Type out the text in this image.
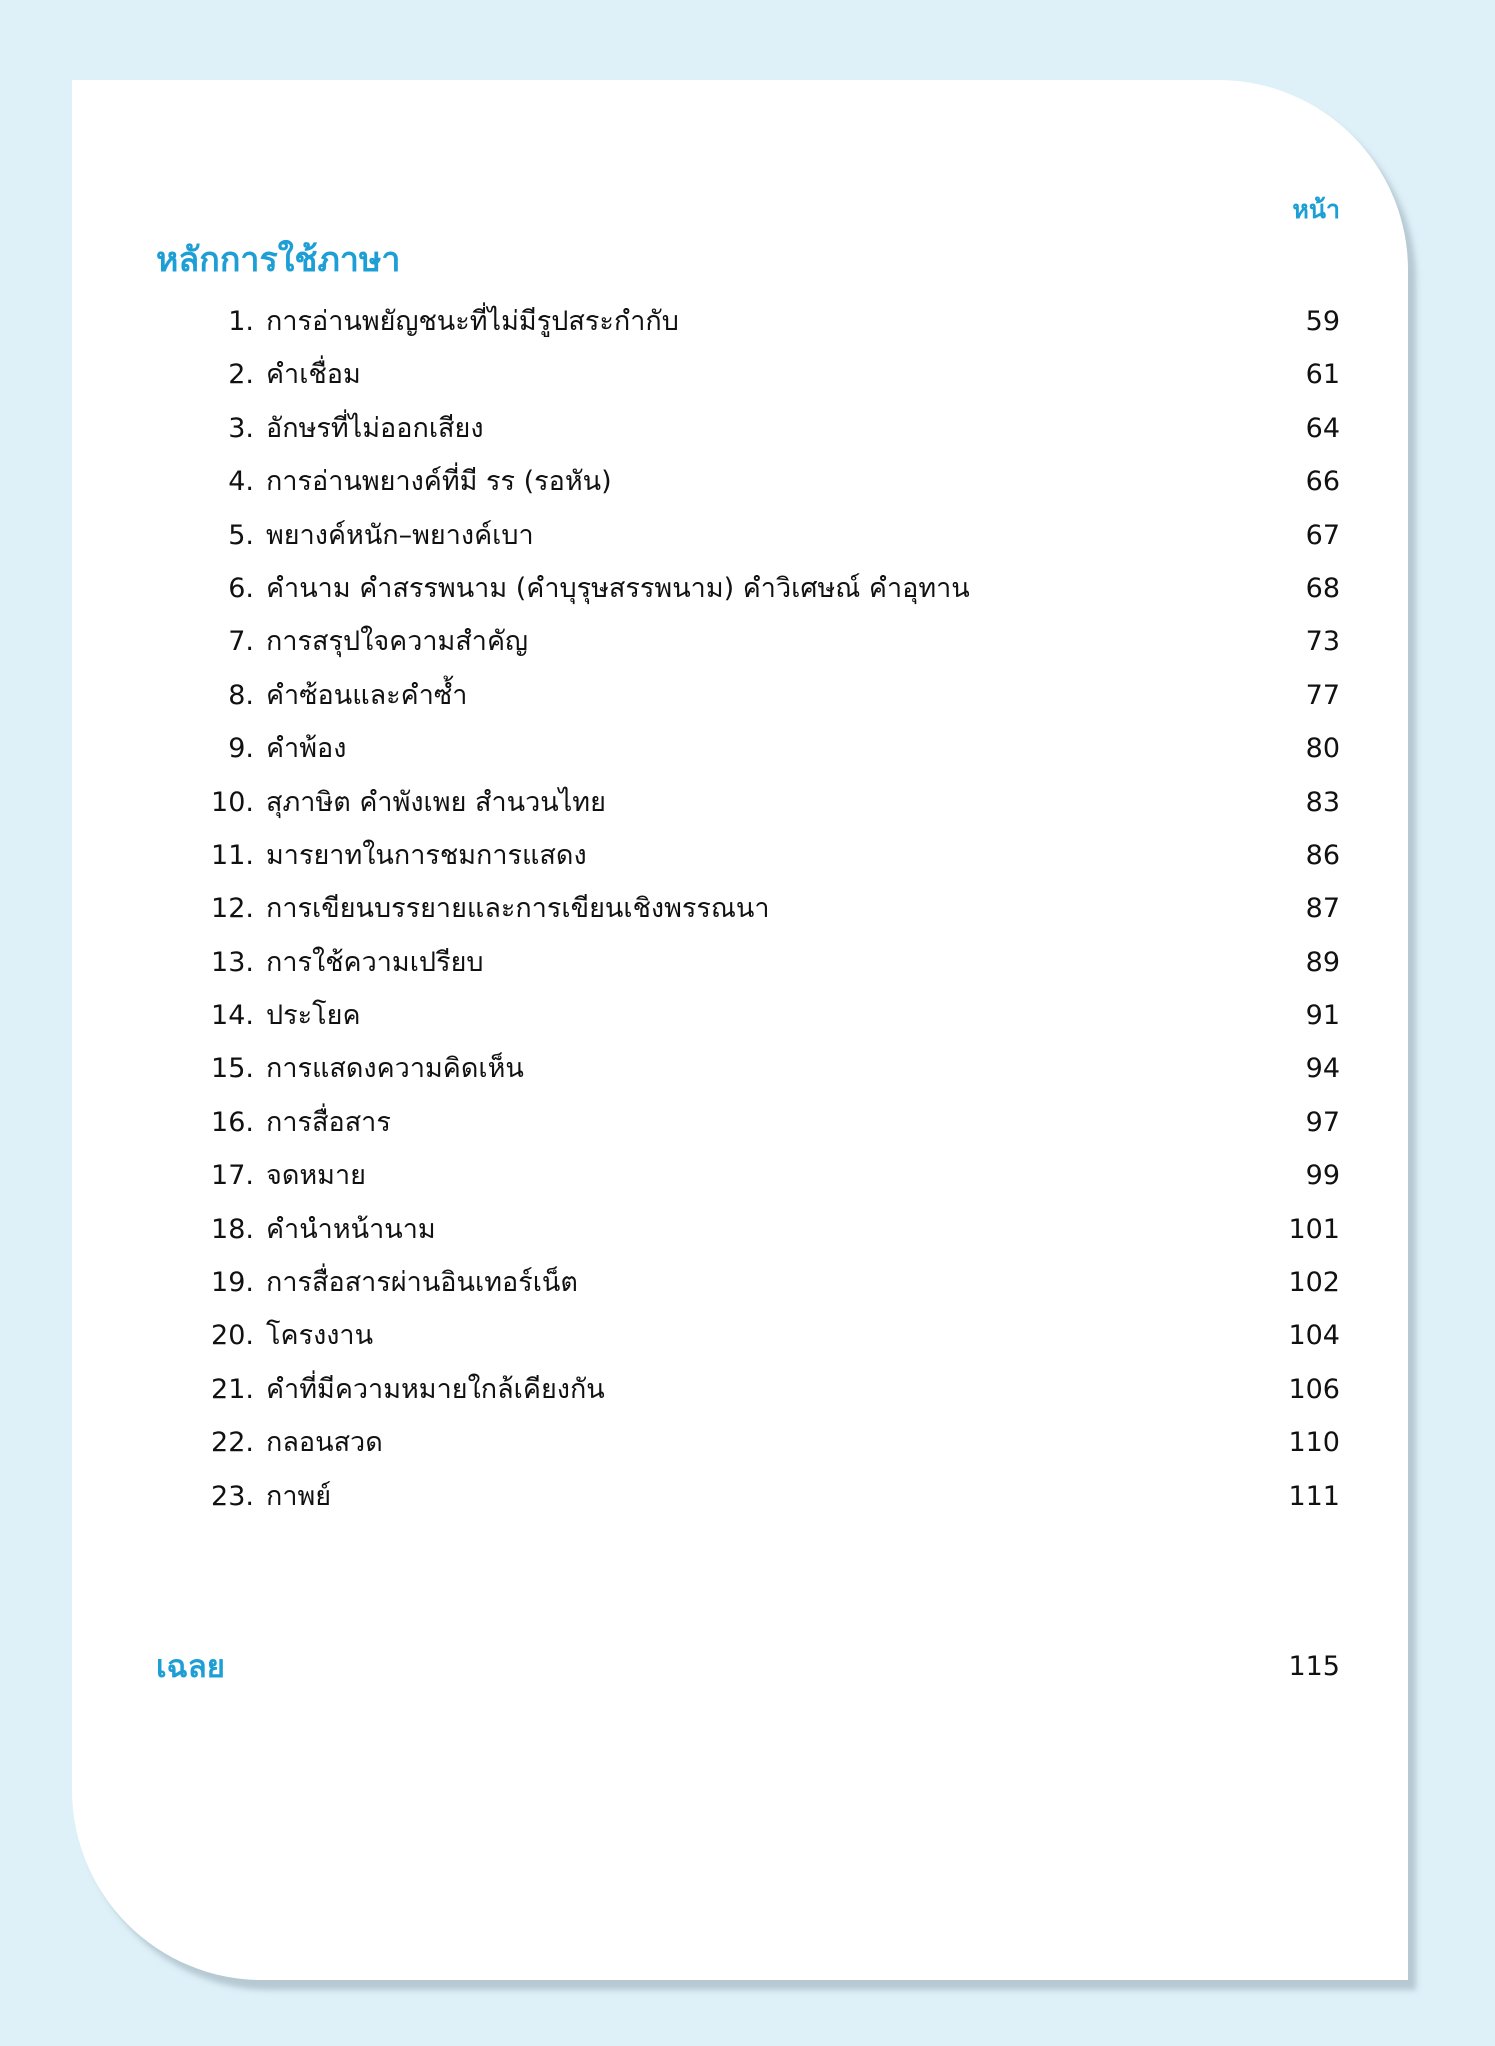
หน้า
หลักการใช้ภาษา
1. การอ่านพยัญชนะที่ไม่มีรูปสระกำกับ	59
2. คำเชื่อม	61
3. อักษรที่ไม่ออกเสียง	64
4. การอ่านพยางค์ที่มี รร (รอหัน)	66
5. พยางค์หนัก–พยางค์เบา	67
6. คำนาม คำสรรพนาม (คำบุรุษสรรพนาม) คำวิเศษณ์ คำอุทาน	68
7. การสรุปใจความสำคัญ	73
8. คำซ้อนและคำซ้ำ	77
9. คำพ้อง	80
10. สุภาษิต คำพังเพย สำนวนไทย	83
11. มารยาทในการชมการแสดง	86
12. การเขียนบรรยายและการเขียนเชิงพรรณนา	87
13. การใช้ความเปรียบ	89
14. ประโยค	91
15. การแสดงความคิดเห็น	94
16. การสื่อสาร	97
17. จดหมาย	99
18. คำนำหน้านาม	101
19. การสื่อสารผ่านอินเทอร์เน็ต	102
20. โครงงาน	104
21. คำที่มีความหมายใกล้เคียงกัน	106
22. กลอนสวด	110
23. กาพย์	111
เฉลย	115
